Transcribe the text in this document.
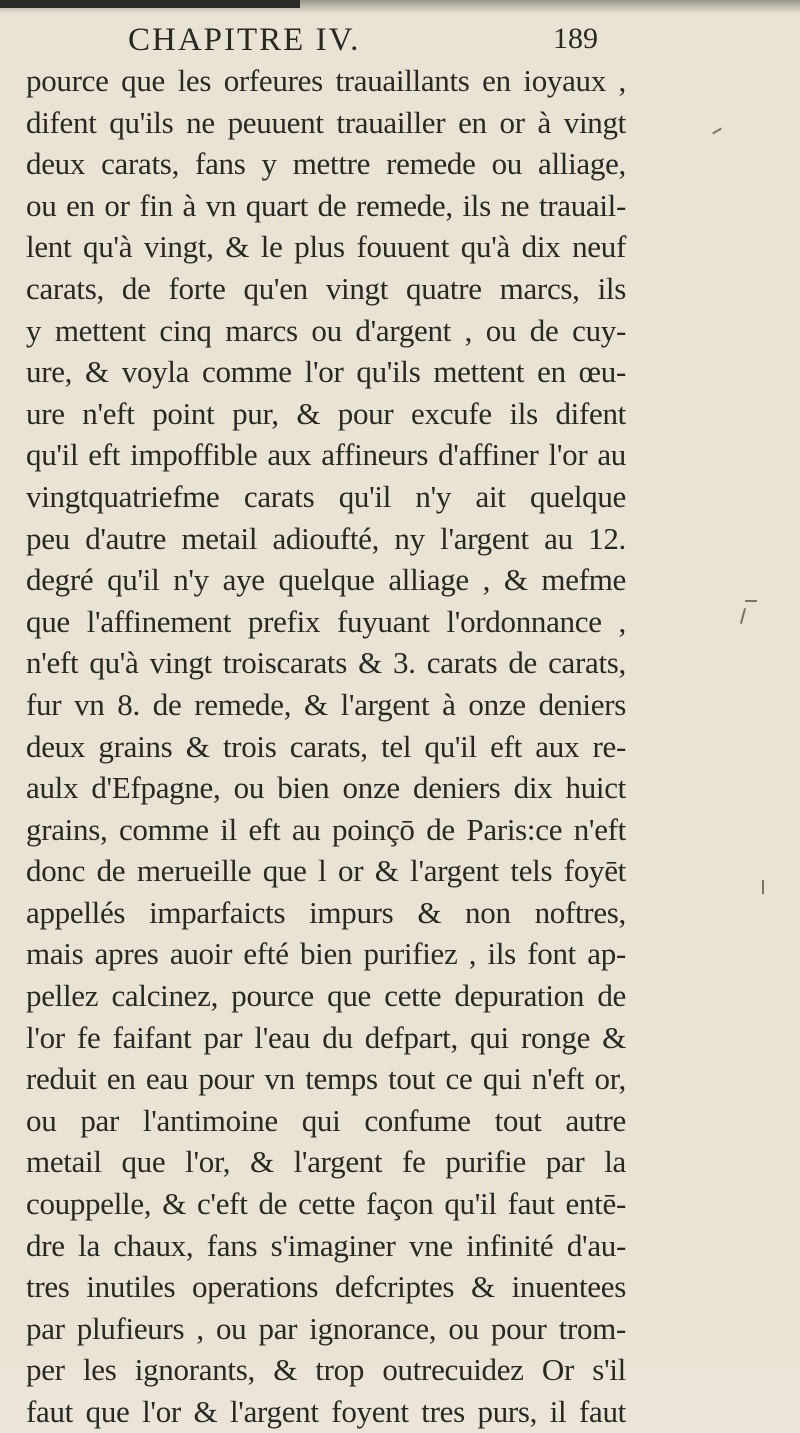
CHAPITRE IV.	189
pource que les orfeures trauaillants en ioyaux ,
difent qu'ils ne peuuent trauailler en or à vingt
deux carats, fans y mettre remede ou alliage,
ou en or fin à vn quart de remede, ils ne trauail-
lent qu'à vingt, & le plus fouuent qu'à dix neuf
carats, de forte qu'en vingt quatre marcs, ils
y mettent cinq marcs ou d'argent , ou de cuy-
ure, & voyla comme l'or qu'ils mettent en œu-
ure n'eft point pur, & pour excufe ils difent
qu'il eft impoffible aux affineurs d'affiner l'or au
vingtquatriefme carats qu'il n'y ait quelque
peu d'autre metail adioufté, ny l'argent au 12.
degré qu'il n'y aye quelque alliage , & mefme
que l'affinement prefix fuyuant l'ordonnance ,
n'eft qu'à vingt troiscarats & 3. carats de carats,
fur vn 8. de remede, & l'argent à onze deniers
deux grains & trois carats, tel qu'il eft aux re-
aulx d'Efpagne, ou bien onze deniers dix huict
grains, comme il eft au poinçō de Paris:ce n'eft
donc de merueille que l or & l'argent tels foyēt
appellés imparfaicts impurs & non noftres,
mais apres auoir efté bien purifiez , ils font ap-
pellez calcinez, pource que cette depuration de
l'or fe faifant par l'eau du defpart, qui ronge &
reduit en eau pour vn temps tout ce qui n'eft or,
ou par l'antimoine qui confume tout autre
metail que l'or, & l'argent fe purifie par la
couppelle, & c'eft de cette façon qu'il faut entē-
dre la chaux, fans s'imaginer vne infinité d'au-
tres inutiles operations defcriptes & inuentees
par plufieurs , ou par ignorance, ou pour trom-
per les ignorants, & trop outrecuidez Or s'il
faut que l'or & l'argent foyent tres purs, il faut
